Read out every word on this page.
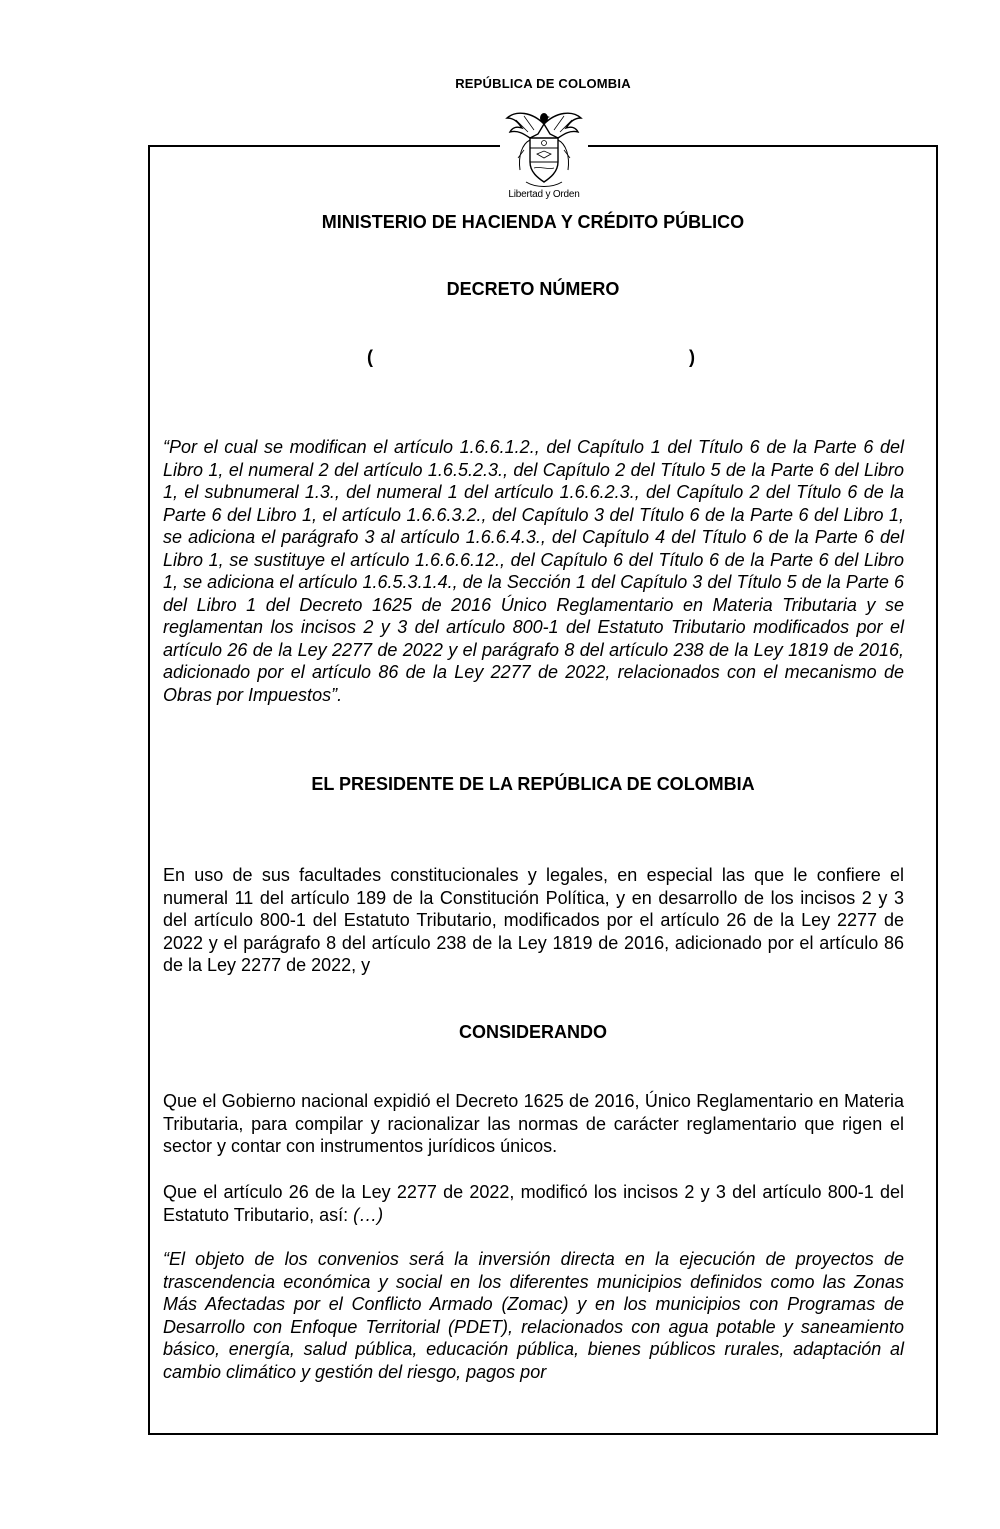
REPÚBLICA DE COLOMBIA
Libertad y Orden
MINISTERIO DE HACIENDA Y CRÉDITO PÚBLICO
DECRETO NÚMERO
(	)
“Por el cual se modifican el artículo 1.6.6.1.2., del Capítulo 1 del Título 6 de la Parte 6 del Libro 1, el numeral 2 del artículo 1.6.5.2.3., del Capítulo 2 del Título 5 de la Parte 6 del Libro 1, el subnumeral 1.3., del numeral 1 del artículo 1.6.6.2.3., del Capítulo 2 del Título 6 de la Parte 6 del Libro 1, el artículo 1.6.6.3.2., del Capítulo 3 del Título 6 de la Parte 6 del Libro 1, se adiciona el parágrafo 3 al artículo 1.6.6.4.3., del Capítulo 4 del Título 6 de la Parte 6 del Libro 1, se sustituye el artículo 1.6.6.6.12., del Capítulo 6 del Título 6 de la Parte 6 del Libro 1, se adiciona el artículo 1.6.5.3.1.4., de la Sección 1 del Capítulo 3 del Título 5 de la Parte 6 del Libro 1 del Decreto 1625 de 2016 Único Reglamentario en Materia Tributaria y se reglamentan los incisos 2 y 3 del artículo 800-1 del Estatuto Tributario modificados por el artículo 26 de la Ley 2277 de 2022 y el parágrafo 8 del artículo 238 de la Ley 1819 de 2016, adicionado por el artículo 86 de la Ley 2277 de 2022, relacionados con el mecanismo de Obras por Impuestos”.
EL PRESIDENTE DE LA REPÚBLICA DE COLOMBIA
En uso de sus facultades constitucionales y legales, en especial las que le confiere el numeral 11 del artículo 189 de la Constitución Política, y en desarrollo de los incisos 2 y 3 del artículo 800-1 del Estatuto Tributario, modificados por el artículo 26 de la Ley 2277 de 2022 y el parágrafo 8 del artículo 238 de la Ley 1819 de 2016, adicionado por el artículo 86 de la Ley 2277 de 2022, y
CONSIDERANDO
Que el Gobierno nacional expidió el Decreto 1625 de 2016, Único Reglamentario en Materia Tributaria, para compilar y racionalizar las normas de carácter reglamentario que rigen el sector y contar con instrumentos jurídicos únicos.
Que el artículo 26 de la Ley 2277 de 2022, modificó los incisos 2 y 3 del artículo 800-1 del Estatuto Tributario, así: (…)
“El objeto de los convenios será la inversión directa en la ejecución de proyectos de trascendencia económica y social en los diferentes municipios definidos como las Zonas Más Afectadas por el Conflicto Armado (Zomac) y en los municipios con Programas de Desarrollo con Enfoque Territorial (PDET), relacionados con agua potable y saneamiento básico, energía, salud pública, educación pública, bienes públicos rurales, adaptación al cambio climático y gestión del riesgo, pagos por
